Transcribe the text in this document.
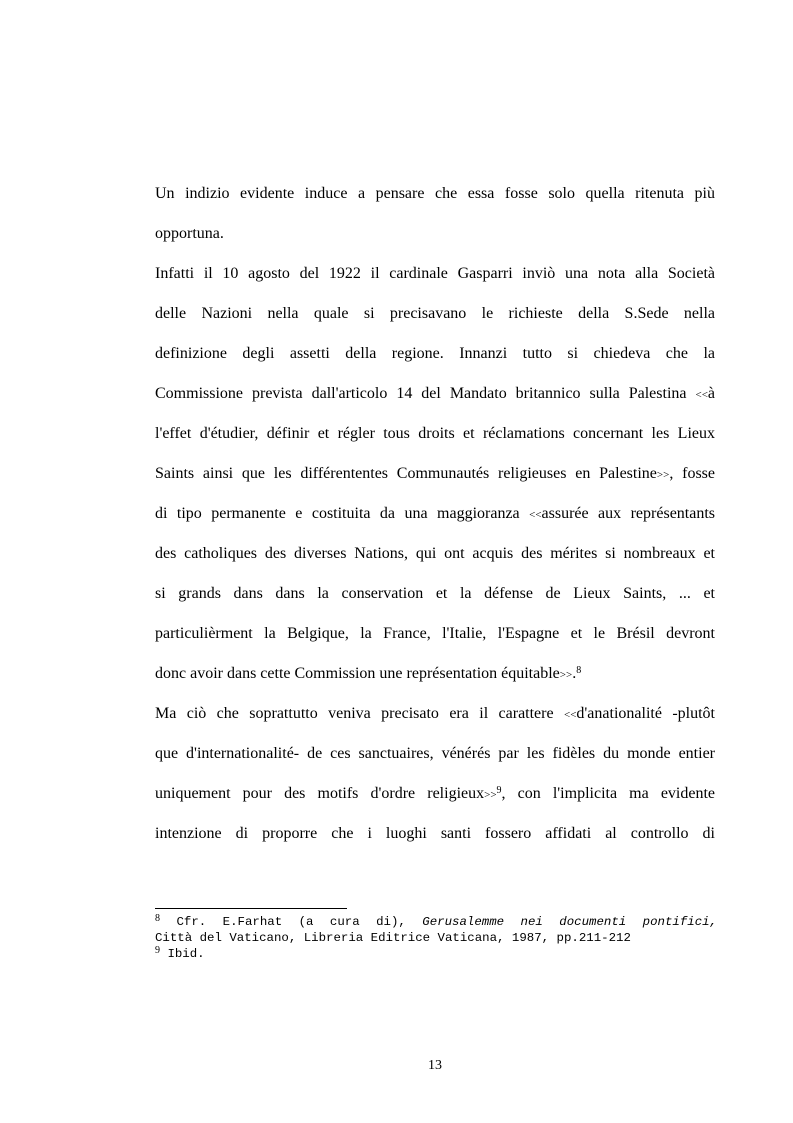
Un indizio evidente induce a pensare che essa fosse solo quella ritenuta più
opportuna.
Infatti il 10 agosto del 1922 il cardinale Gasparri inviò una nota alla Società
delle Nazioni nella quale si precisavano le richieste della S.Sede nella
definizione degli assetti della regione. Innanzi tutto si chiedeva che la
Commissione prevista dall'articolo 14 del Mandato britannico sulla Palestina <<à
l'effet d'étudier, définir et régler tous droits et réclamations concernant les Lieux
Saints ainsi que les différententes Communautés religieuses en Palestine>>, fosse
di tipo permanente e costituita da una maggioranza <<assurée aux représentants
des catholiques des diverses Nations, qui ont acquis des mérites si nombreaux et
si grands dans dans la conservation et la défense de Lieux Saints, ... et
particulièrment la Belgique, la France, l'Italie, l'Espagne et le Brésil devront
donc avoir dans cette Commission une représentation équitable>>.$^8$
Ma ciò che soprattutto veniva precisato era il carattere <<d'anationalité -plutôt
que d'internationalité- de ces sanctuaires, vénérés par les fidèles du monde entier
uniquement pour des motifs d'ordre religieux>>$^9$, con l'implicita ma evidente
intenzione di proporre che i luoghi santi fossero affidati al controllo di
$^8$ Cfr. E.Farhat (a cura di), Gerusalemme nei documenti pontifici,
Città del Vaticano, Libreria Editrice Vaticana, 1987, pp.211-212
$^9$ Ibid.
13
